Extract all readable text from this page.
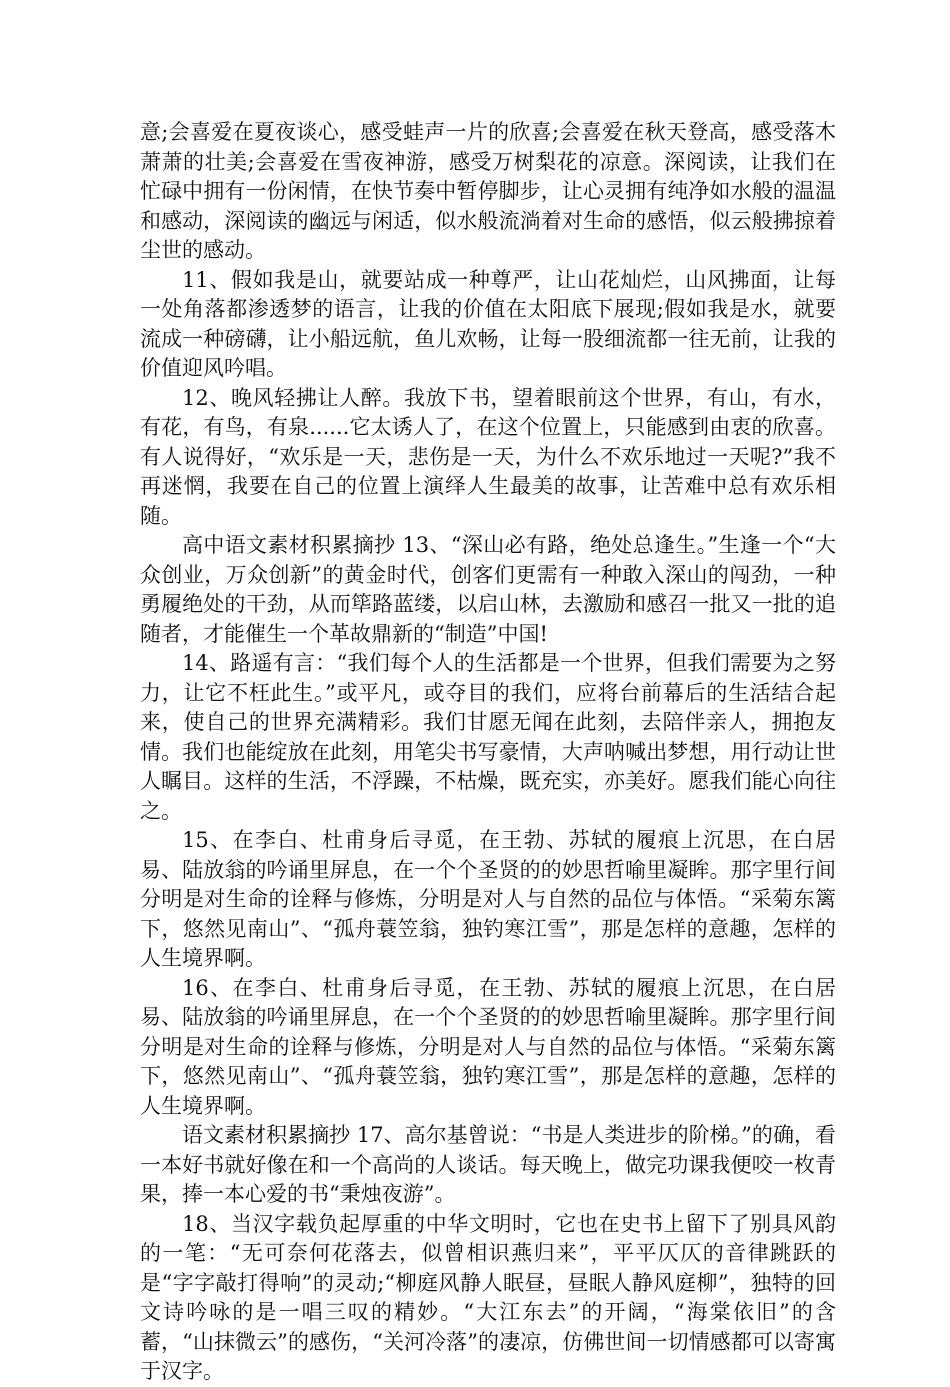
意;会喜爱在夏夜谈心，感受蛙声一片的欣喜;会喜爱在秋天登高，感受落木萧萧的壮美;会喜爱在雪夜神游，感受万树梨花的凉意。深阅读，让我们在忙碌中拥有一份闲情，在快节奏中暂停脚步，让心灵拥有纯净如水般的温温和感动，深阅读的幽远与闲适，似水般流淌着对生命的感悟，似云般拂掠着尘世的感动。

11、假如我是山，就要站成一种尊严，让山花灿烂，山风拂面，让每一处角落都渗透梦的语言，让我的价值在太阳底下展现;假如我是水，就要流成一种磅礴，让小船远航，鱼儿欢畅，让每一股细流都一往无前，让我的价值迎风吟唱。

12、晚风轻拂让人醉。我放下书，望着眼前这个世界，有山，有水，有花，有鸟，有泉......它太诱人了，在这个位置上，只能感到由衷的欣喜。有人说得好，“欢乐是一天，悲伤是一天，为什么不欢乐地过一天呢?”我不再迷惘，我要在自己的位置上演绎人生最美的故事，让苦难中总有欢乐相随。

高中语文素材积累摘抄 13、“深山必有路，绝处总逢生。”生逢一个“大众创业，万众创新”的黄金时代，创客们更需有一种敢入深山的闯劲，一种勇履绝处的干劲，从而筚路蓝缕，以启山林，去激励和感召一批又一批的追随者，才能催生一个革故鼎新的“制造”中国!

14、路遥有言：“我们每个人的生活都是一个世界，但我们需要为之努力，让它不枉此生。”或平凡，或夺目的我们，应将台前幕后的生活结合起来，使自己的世界充满精彩。我们甘愿无闻在此刻，去陪伴亲人，拥抱友情。我们也能绽放在此刻，用笔尖书写豪情，大声呐喊出梦想，用行动让世人瞩目。这样的生活，不浮躁，不枯燥，既充实，亦美好。愿我们能心向往之。

15、在李白、杜甫身后寻觅，在王勃、苏轼的履痕上沉思，在白居易、陆放翁的吟诵里屏息，在一个个圣贤的的妙思哲喻里凝眸。那字里行间分明是对生命的诠释与修炼，分明是对人与自然的品位与体悟。“采菊东篱下，悠然见南山”、“孤舟蓑笠翁，独钓寒江雪”，那是怎样的意趣，怎样的人生境界啊。

16、在李白、杜甫身后寻觅，在王勃、苏轼的履痕上沉思，在白居易、陆放翁的吟诵里屏息，在一个个圣贤的的妙思哲喻里凝眸。那字里行间分明是对生命的诠释与修炼，分明是对人与自然的品位与体悟。“采菊东篱下，悠然见南山”、“孤舟蓑笠翁，独钓寒江雪”，那是怎样的意趣，怎样的人生境界啊。

语文素材积累摘抄 17、高尔基曾说：“书是人类进步的阶梯。”的确，看一本好书就好像在和一个高尚的人谈话。每天晚上，做完功课我便咬一枚青果，捧一本心爱的书“秉烛夜游”。

18、当汉字载负起厚重的中华文明时，它也在史书上留下了别具风韵的一笔：“无可奈何花落去，似曾相识燕归来”，平平仄仄的音律跳跃的是“字字敲打得响”的灵动;“柳庭风静人眠昼，昼眠人静风庭柳”，独特的回文诗吟咏的是一唱三叹的精妙。“大江东去”的开阔，“海棠依旧”的含蓄，“山抹微云”的感伤，“关河冷落”的凄凉，仿佛世间一切情感都可以寄寓于汉字。
